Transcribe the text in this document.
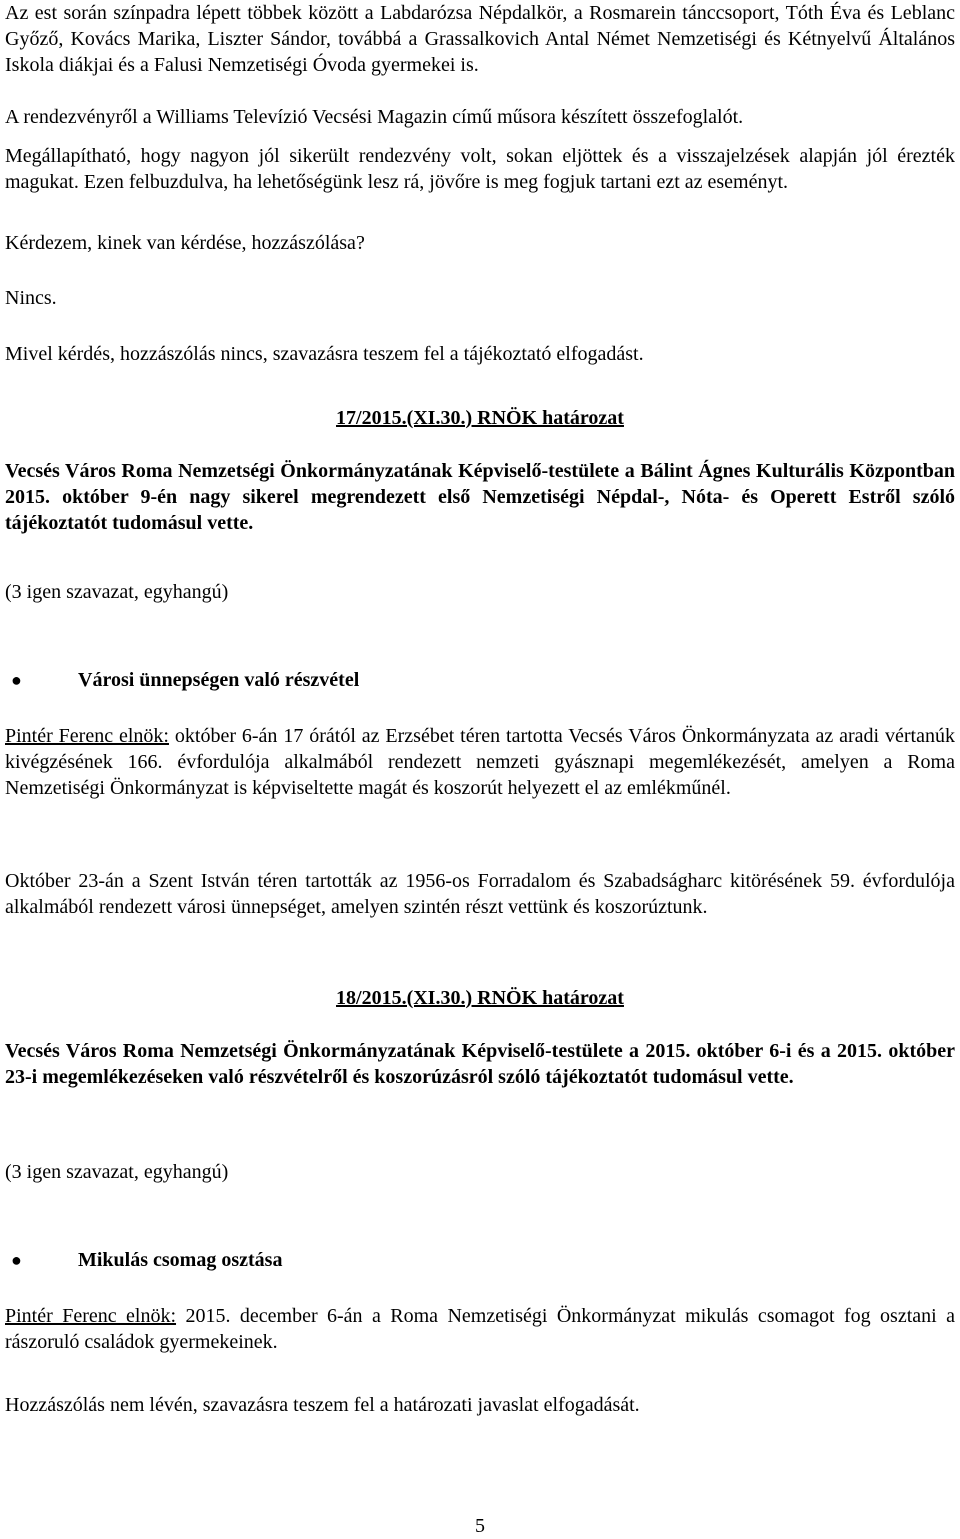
Az est során színpadra lépett többek között a Labdarózsa Népdalkör, a Rosmarein tánccsoport, Tóth Éva és Leblanc Győző, Kovács Marika, Liszter Sándor, továbbá a Grassalkovich Antal Német Nemzetiségi és Kétnyelvű Általános Iskola diákjai és a Falusi Nemzetiségi Óvoda gyermekei is.
A rendezvényről a Williams Televízió Vecsési Magazin című műsora készített összefoglalót.
Megállapítható, hogy nagyon jól sikerült rendezvény volt, sokan eljöttek és a visszajelzések alapján jól érezték magukat. Ezen felbuzdulva, ha lehetőségünk lesz rá, jövőre is meg fogjuk tartani ezt az eseményt.
Kérdezem, kinek van kérdése, hozzászólása?
Nincs.
Mivel kérdés, hozzászólás nincs, szavazásra teszem fel a tájékoztató elfogadást.
17/2015.(XI.30.) RNÖK határozat
Vecsés Város Roma Nemzetségi Önkormányzatának Képviselő-testülete a Bálint Ágnes Kulturális Központban 2015. október 9-én nagy sikerel megrendezett első Nemzetiségi Népdal-, Nóta- és Operett Estről szóló tájékoztatót tudomásul vette.
(3 igen szavazat, egyhangú)
●	Városi ünnepségen való részvétel
Pintér Ferenc elnök: október 6-án 17 órától az Erzsébet téren tartotta Vecsés Város Önkormányzata az aradi vértanúk kivégzésének 166. évfordulója alkalmából rendezett nemzeti gyásznapi megemlékezését, amelyen a Roma Nemzetiségi Önkormányzat is képviseltette magát és koszorút helyezett el az emlékműnél.
Október 23-án a Szent István téren tartották az 1956-os Forradalom és Szabadságharc kitörésének 59. évfordulója alkalmából rendezett városi ünnepséget, amelyen szintén részt vettünk és koszorúztunk.
18/2015.(XI.30.) RNÖK határozat
Vecsés Város Roma Nemzetségi Önkormányzatának Képviselő-testülete a 2015. október 6-i és a 2015. október 23-i megemlékezéseken való részvételről és koszorúzásról szóló tájékoztatót tudomásul vette.
(3 igen szavazat, egyhangú)
●	Mikulás csomag osztása
Pintér Ferenc elnök: 2015. december 6-án a Roma Nemzetiségi Önkormányzat mikulás csomagot fog osztani a rászoruló családok gyermekeinek.
Hozzászólás nem lévén, szavazásra teszem fel a határozati javaslat elfogadását.
5
